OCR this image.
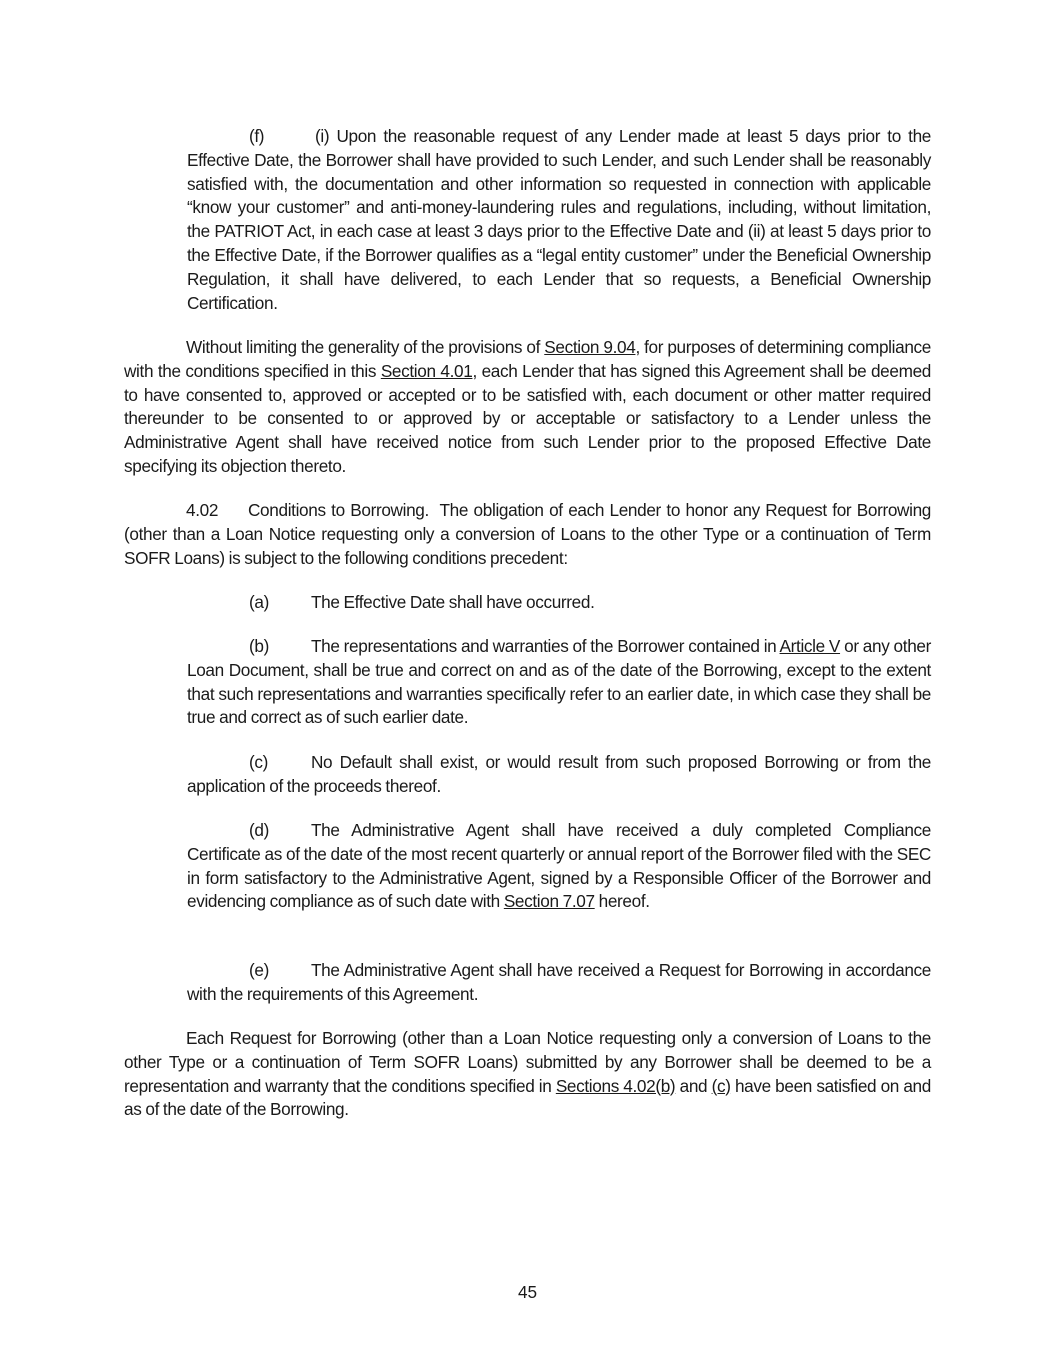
(f)	(i) Upon the reasonable request of any Lender made at least 5 days prior to the Effective Date, the Borrower shall have provided to such Lender, and such Lender shall be reasonably satisfied with, the documentation and other information so requested in connection with applicable “know your customer” and anti-money-laundering rules and regulations, including, without limitation, the PATRIOT Act, in each case at least 3 days prior to the Effective Date and (ii) at least 5 days prior to the Effective Date, if the Borrower qualifies as a “legal entity customer” under the Beneficial Ownership Regulation, it shall have delivered, to each Lender that so requests, a Beneficial Ownership Certification.

Without limiting the generality of the provisions of Section 9.04, for purposes of determining compliance with the conditions specified in this Section 4.01, each Lender that has signed this Agreement shall be deemed to have consented to, approved or accepted or to be satisfied with, each document or other matter required thereunder to be consented to or approved by or acceptable or satisfactory to a Lender unless the Administrative Agent shall have received notice from such Lender prior to the proposed Effective Date specifying its objection thereto.

4.02 Conditions to Borrowing. The obligation of each Lender to honor any Request for Borrowing (other than a Loan Notice requesting only a conversion of Loans to the other Type or a continuation of Term SOFR Loans) is subject to the following conditions precedent:

(a) The Effective Date shall have occurred.

(b) The representations and warranties of the Borrower contained in Article V or any other Loan Document, shall be true and correct on and as of the date of the Borrowing, except to the extent that such representations and warranties specifically refer to an earlier date, in which case they shall be true and correct as of such earlier date.

(c)	No Default shall exist, or would result from such proposed Borrowing or from the application of the proceeds thereof.

(d) The Administrative Agent shall have received a duly completed Compliance Certificate as of the date of the most recent quarterly or annual report of the Borrower filed with the SEC in form satisfactory to the Administrative Agent, signed by a Responsible Officer of the Borrower and evidencing compliance as of such date with Section 7.07 hereof.

(e) The Administrative Agent shall have received a Request for Borrowing in accordance with the requirements of this Agreement.

Each Request for Borrowing (other than a Loan Notice requesting only a conversion of Loans to the other Type or a continuation of Term SOFR Loans) submitted by any Borrower shall be deemed to be a representation and warranty that the conditions specified in Sections 4.02(b) and (c) have been satisfied on and as of the date of the Borrowing.

45
